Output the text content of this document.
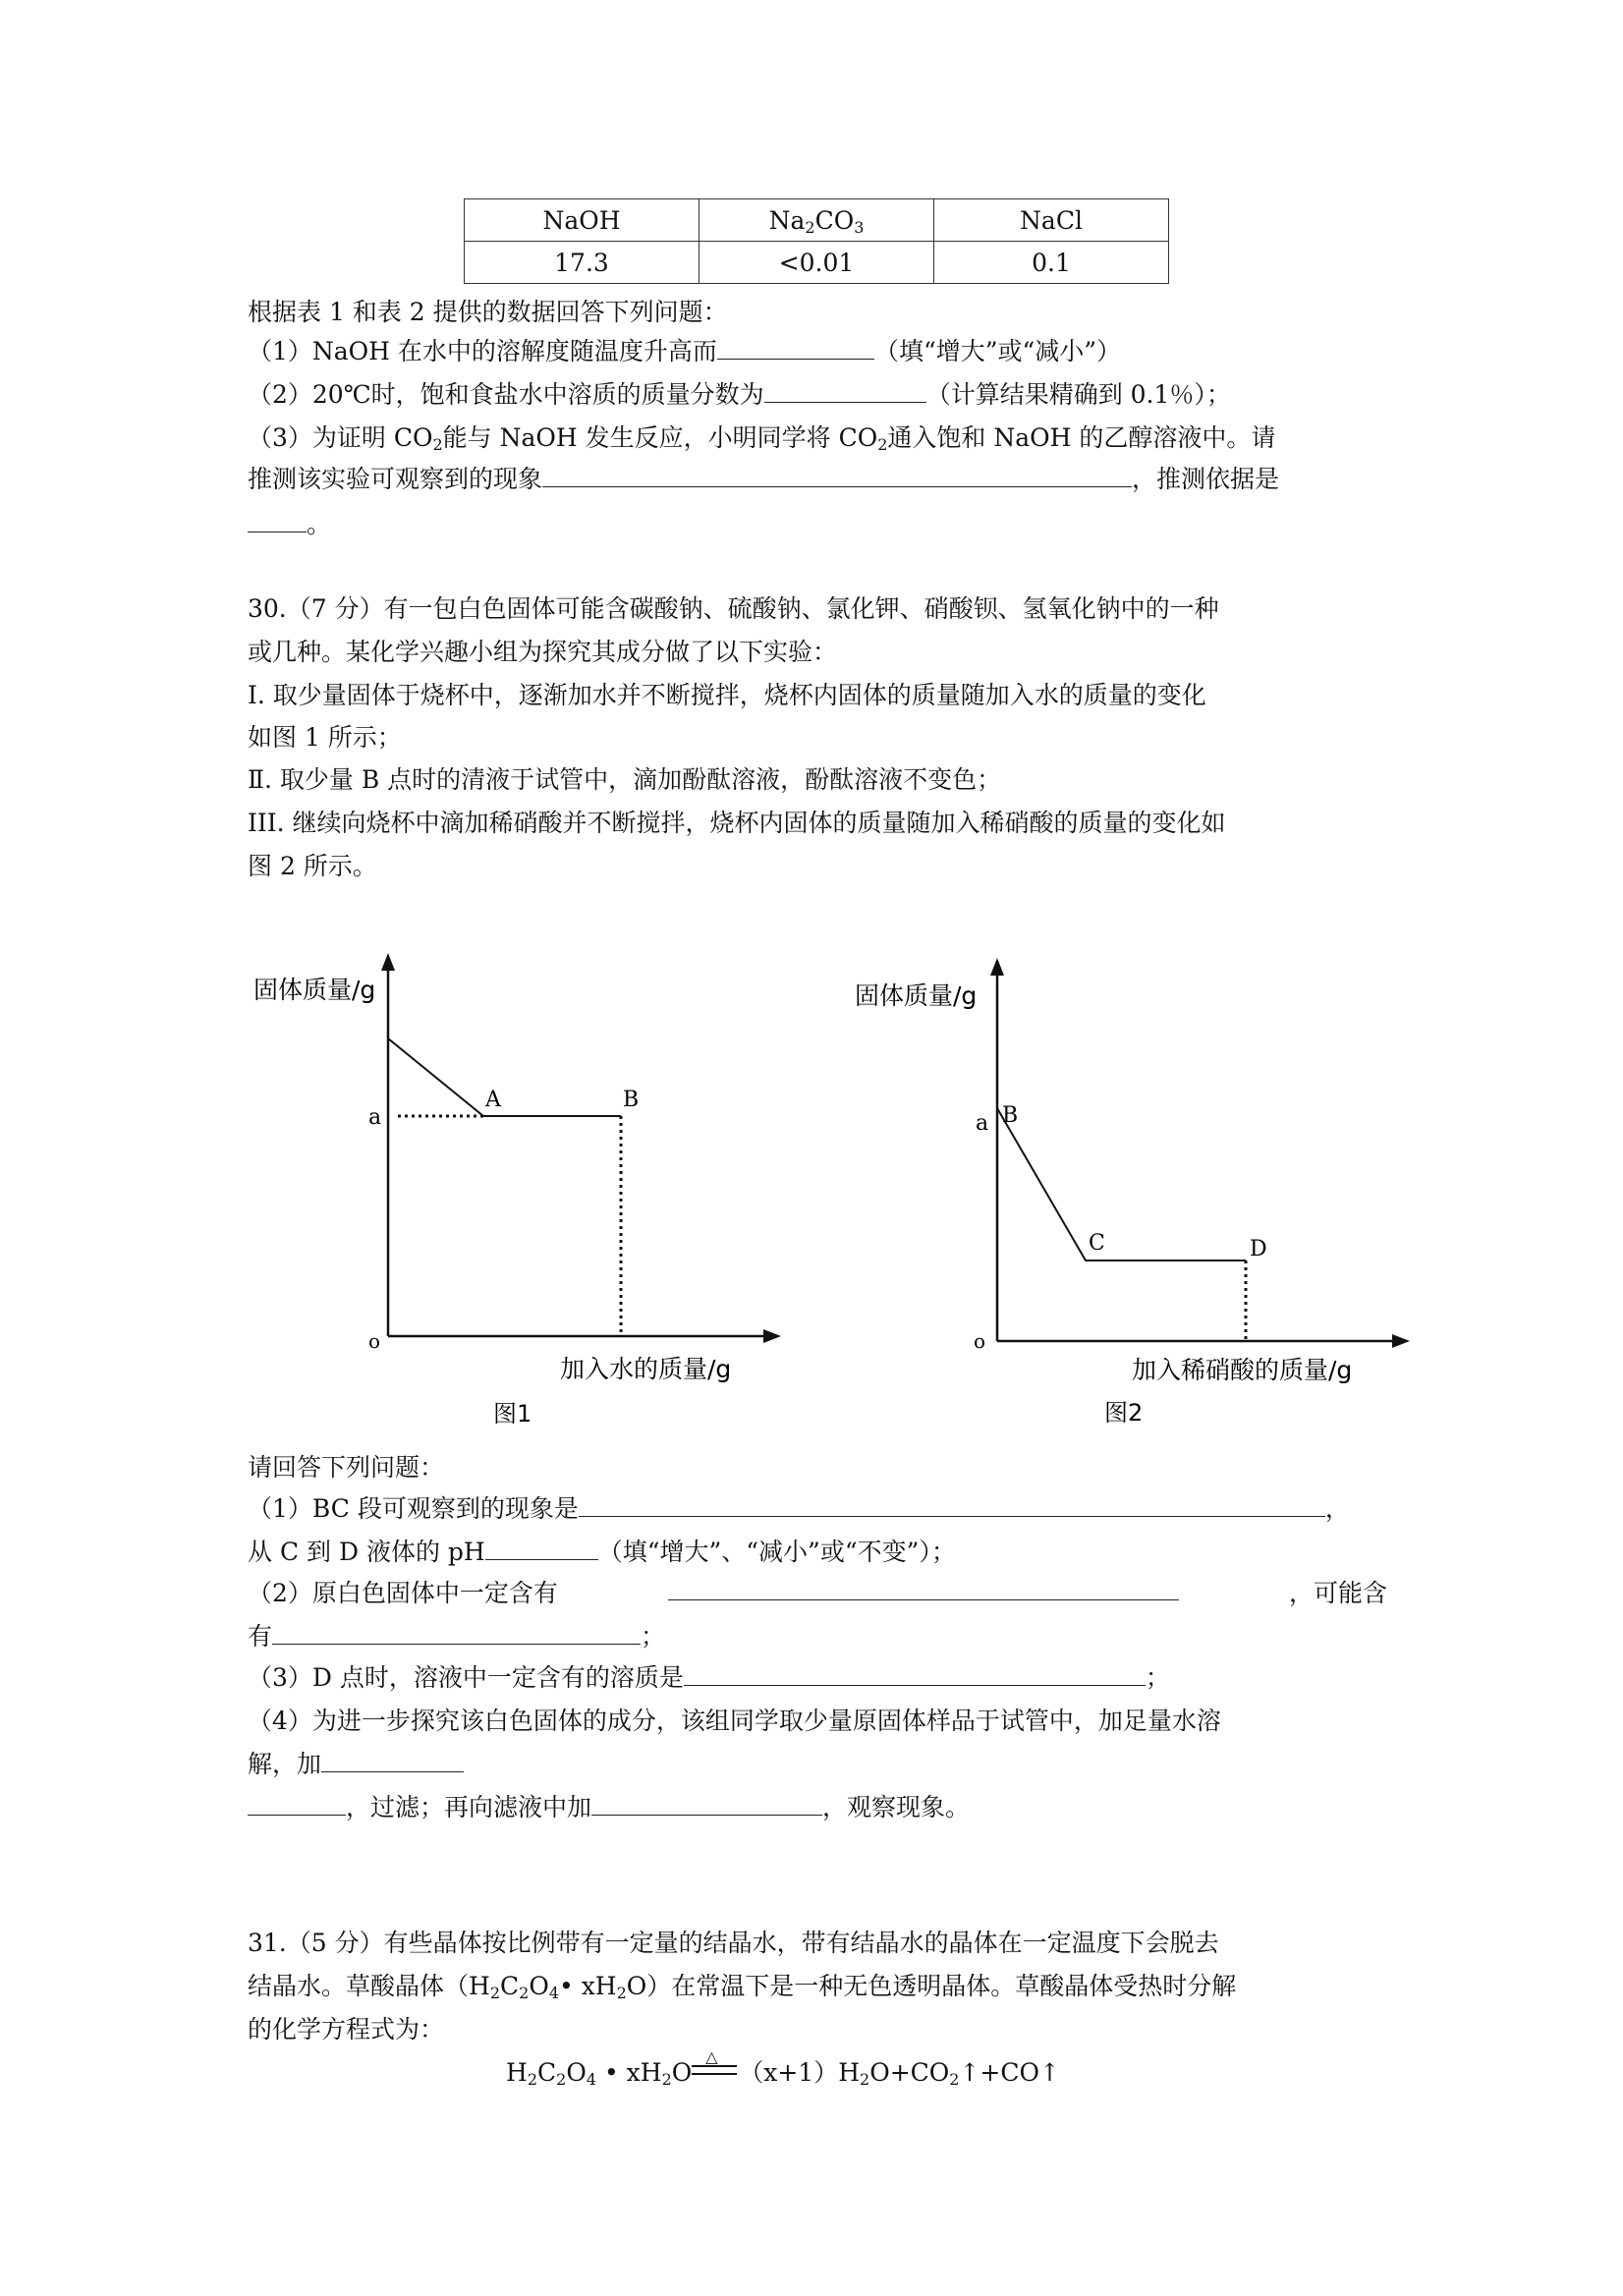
NaOH	$Na_2CO_3$	NaCl
17.3	<0.01	0.1
根据表 1 和表 2 提供的数据回答下列问题：
（1）NaOH 在水中的溶解度随温度升高而	（填“增大”或“减小”）
（2）20℃时，饱和食盐水中溶质的质量分数为	（计算结果精确到 0.1％）；
（3）为证明 $CO_2$能与 NaOH 发生反应，小明同学将 $CO_2$通入饱和 NaOH 的乙醇溶液中。请
推测该实验可观察到的现象	，推测依据是
。
30.（7 分）有一包白色固体可能含碳酸钠、硫酸钠、氯化钾、硝酸钡、氢氧化钠中的一种
或几种。某化学兴趣小组为探究其成分做了以下实验：
Ⅰ. 取少量固体于烧杯中，逐渐加水并不断搅拌，烧杯内固体的质量随加入水的质量的变化
如图 1 所示；
Ⅱ. 取少量 B 点时的清液于试管中，滴加酚酞溶液，酚酞溶液不变色；
III. 继续向烧杯中滴加稀硝酸并不断搅拌，烧杯内固体的质量随加入稀硝酸的质量的变化如
图 2 所示。
固体质量/g
a
o
A	B
加入水的质量/g
图1
固体质量/g
a B
C	D
o
加入稀硝酸的质量/g
图2
请回答下列问题：
（1）BC 段可观察到的现象是	，
从 C 到 D 液体的 pH	（填“增大”、“减小”或“不变”）；
（2）原白色固体中一定含有	，可能含
有	；
（3）D 点时，溶液中一定含有的溶质是	；
（4）为进一步探究该白色固体的成分，该组同学取少量原固体样品于试管中，加足量水溶
解，加
，过滤；再向滤液中加	，观察现象。
31.（5 分）有些晶体按比例带有一定量的结晶水，带有结晶水的晶体在一定温度下会脱去
结晶水。草酸晶体（$H_2C_2O_4•$ $xH_2O$）在常温下是一种无色透明晶体。草酸晶体受热时分解
的化学方程式为：
$H_2C_2O_4$ • $xH_2O$
△
$(x+1)H_2O+CO_2↑+CO↑$
